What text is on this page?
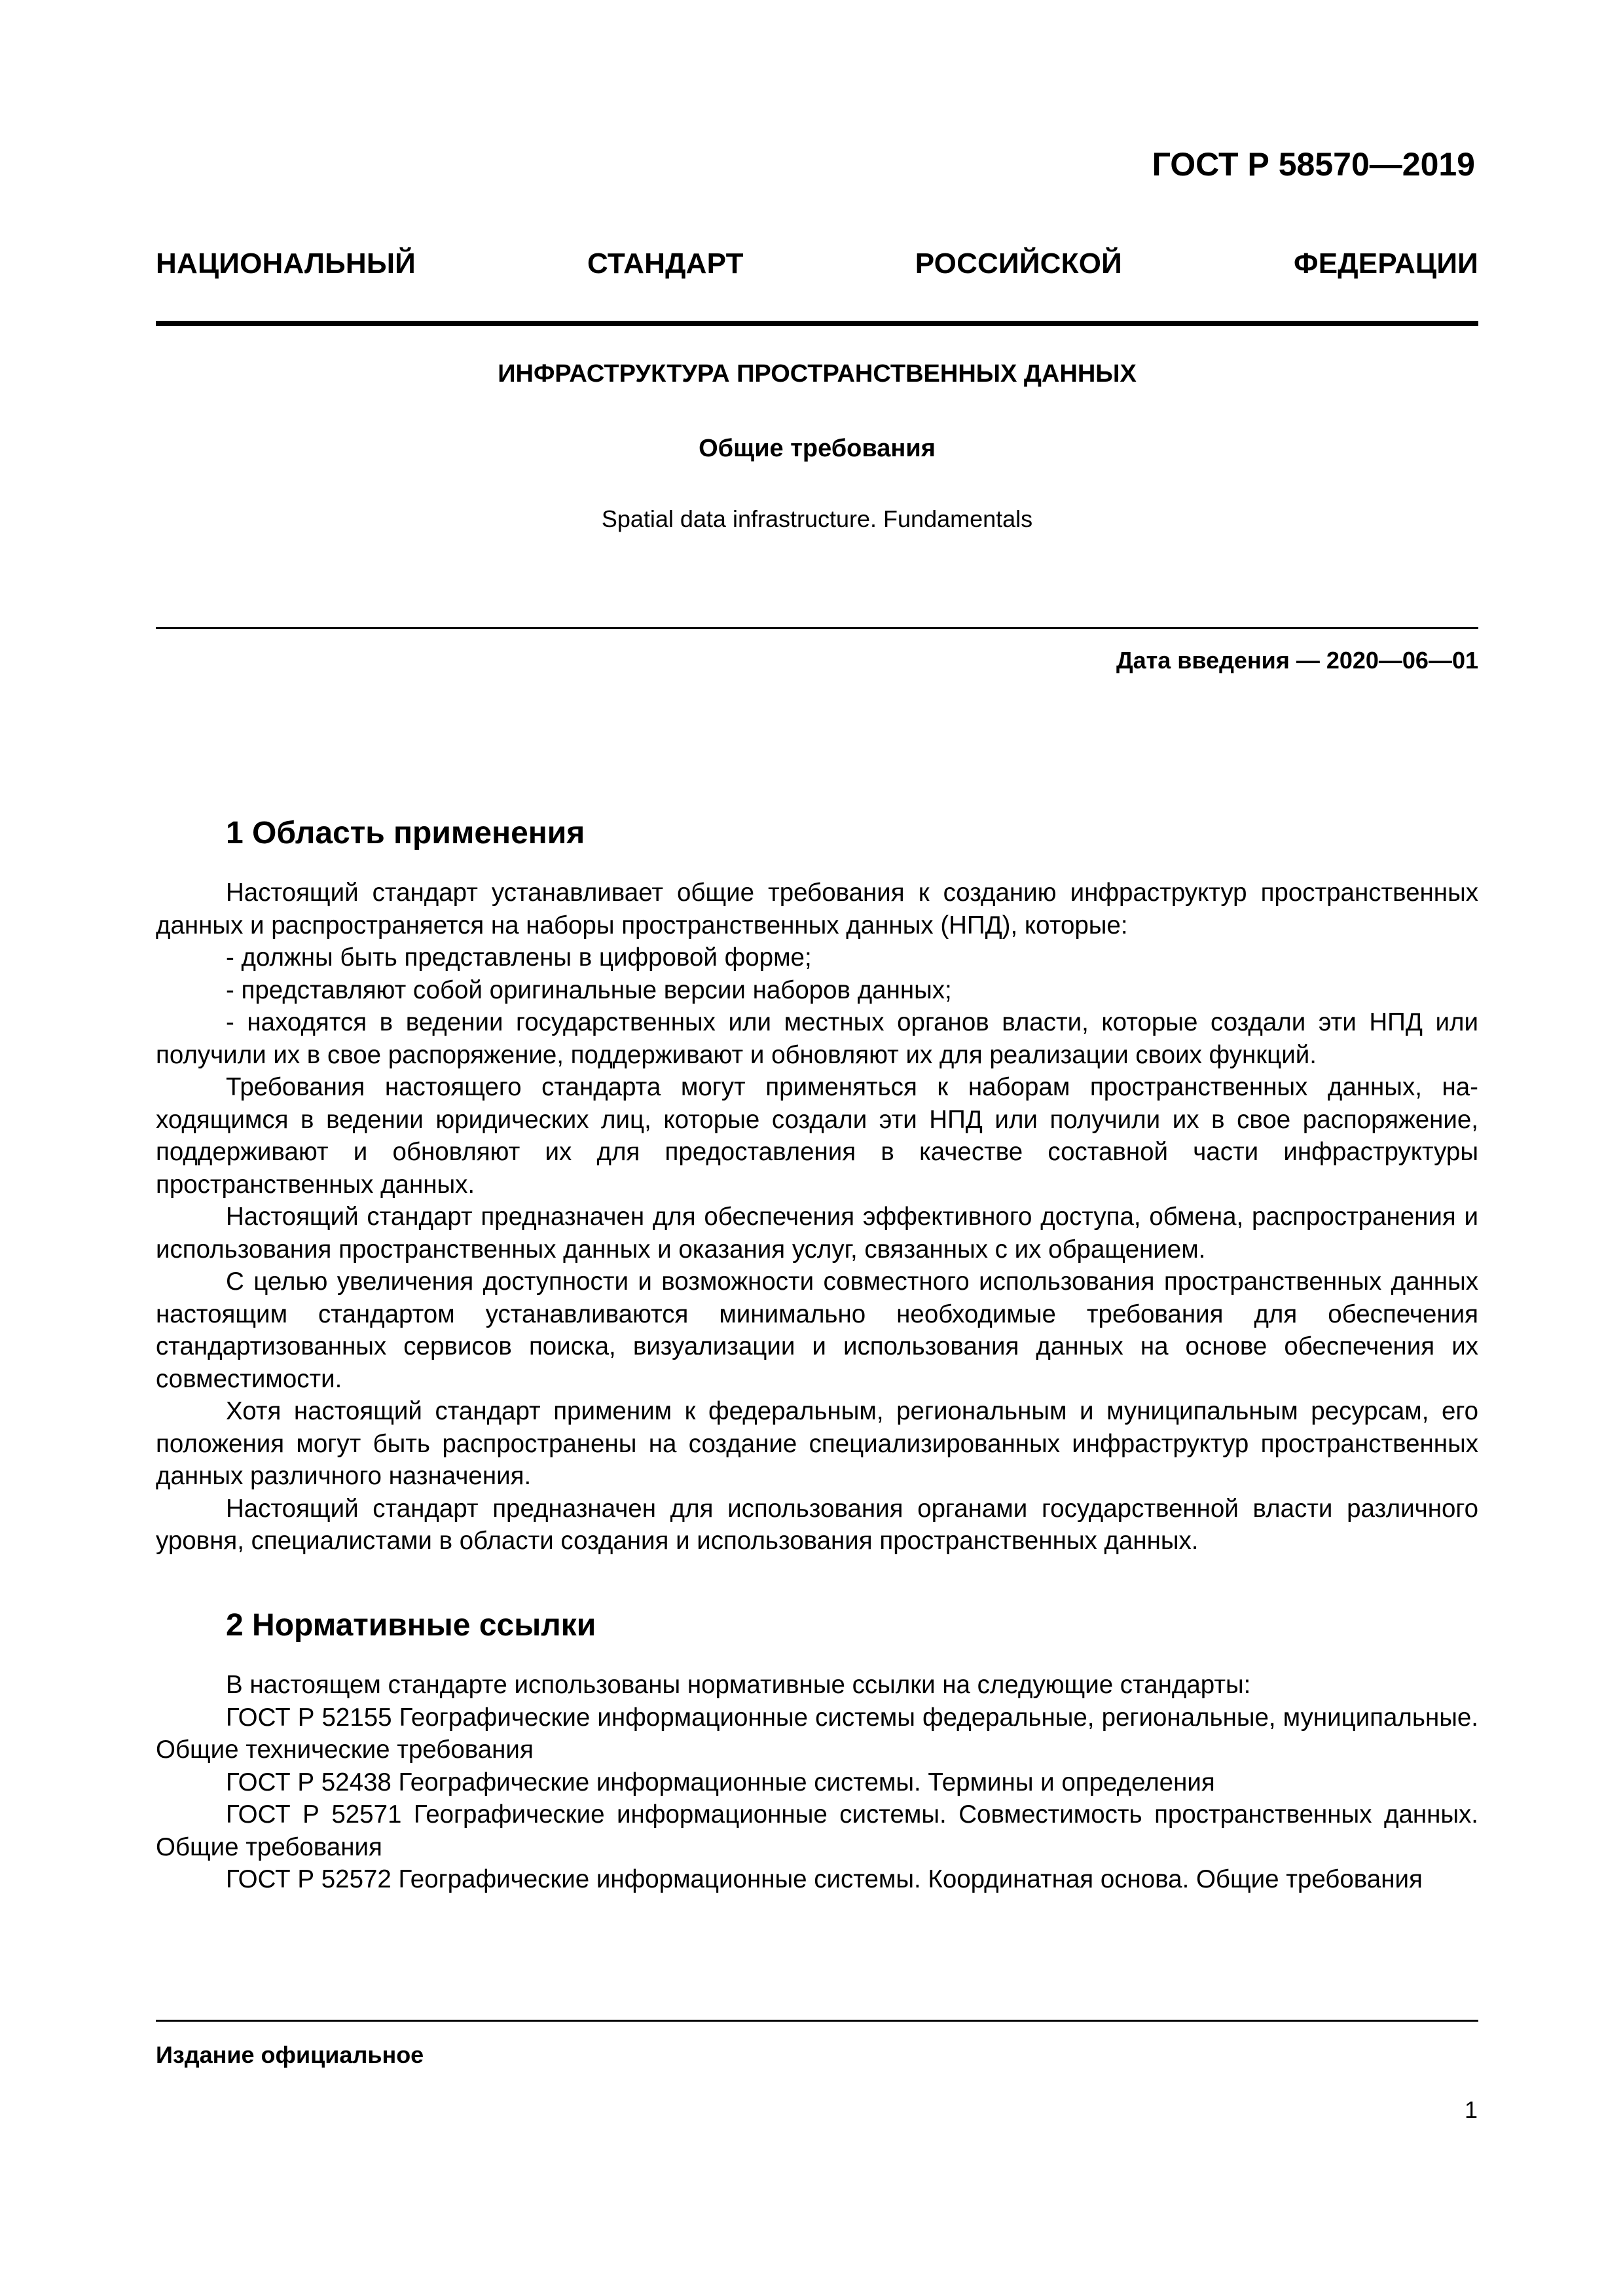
ГОСТ Р 58570—2019
НАЦИОНАЛЬНЫЙ СТАНДАРТ РОССИЙСКОЙ ФЕДЕРАЦИИ
ИНФРАСТРУКТУРА ПРОСТРАНСТВЕННЫХ ДАННЫХ
Общие требования
Spatial data infrastructure. Fundamentals
Дата введения — 2020—06—01

1 Область применения

Настоящий стандарт устанавливает общие требования к созданию инфраструктур пространственных данных и распространяется на наборы пространственных данных (НПД), которые:

- должны быть представлены в цифровой форме;

- представляют собой оригинальные версии наборов данных;

- находятся в ведении государственных или местных органов власти, которые создали эти НПД или получили их в свое распоряжение, поддерживают и обновляют их для реализации своих функций.

Требования настоящего стандарта могут применяться к наборам пространственных данных, находящимся в ведении юридических лиц, которые создали эти НПД или получили их в свое распоряжение, поддерживают и обновляют их для предоставления в качестве составной части инфраструктуры пространственных данных.

Настоящий стандарт предназначен для обеспечения эффективного доступа, обмена, распространения и использования пространственных данных и оказания услуг, связанных с их обращением.

С целью увеличения доступности и возможности совместного использования пространственных данных настоящим стандартом устанавливаются минимально необходимые требования для обеспечения стандартизованных сервисов поиска, визуализации и использования данных на основе обеспечения их совместимости.

Хотя настоящий стандарт применим к федеральным, региональным и муниципальным ресурсам, его положения могут быть распространены на создание специализированных инфраструктур пространственных данных различного назначения.

Настоящий стандарт предназначен для использования органами государственной власти различного уровня, специалистами в области создания и использования пространственных данных.

2 Нормативные ссылки

В настоящем стандарте использованы нормативные ссылки на следующие стандарты:

ГОСТ Р 52155 Географические информационные системы федеральные, региональные, муниципальные. Общие технические требования

ГОСТ Р 52438 Географические информационные системы. Термины и определения

ГОСТ Р 52571 Географические информационные системы. Совместимость пространственных данных. Общие требования

ГОСТ Р 52572 Географические информационные системы. Координатная основа. Общие требования

Издание официальное
1
